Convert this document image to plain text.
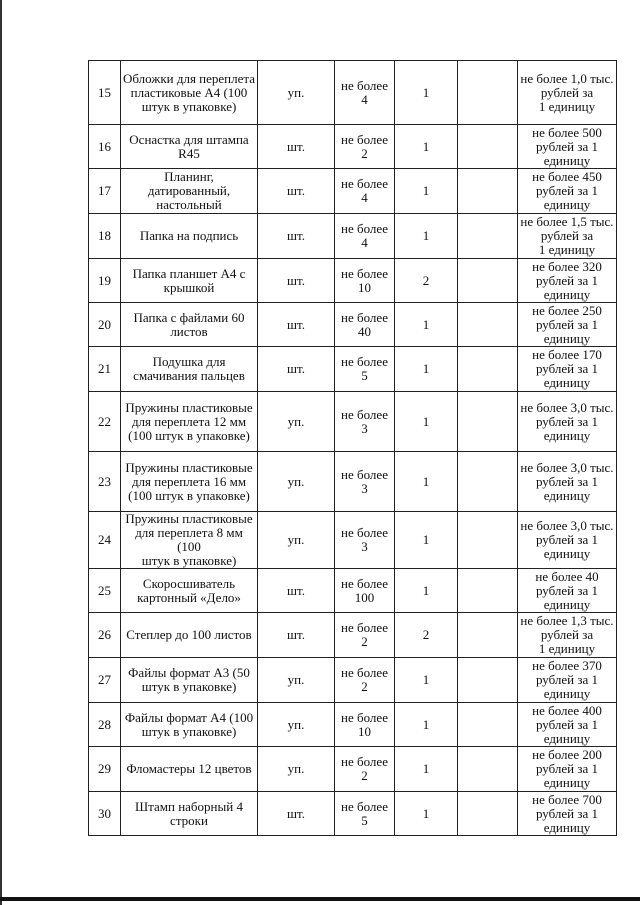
15	Обложки для переплета
пластиковые А4 (100
штук в упаковке)	уп.	не более
4	1		не более 1,0 тыс.
рублей за
1 единицу
16	Оснастка для штампа
R45	шт.	не более
2	1		не более 500
рублей за 1
единицу
17	Планинг,
датированный,
настольный	шт.	не более 4	1		не более 450
рублей за 1
единицу
18	Папка на подпись	шт.	не более
4	1		не более 1,5 тыс.
рублей за
1 единицу
19	Папка планшет А4 с
крышкой	шт.	не более
10	2		не более 320
рублей за 1
единицу
20	Папка с файлами 60
листов	шт.	не более
40	1		не более 250
рублей за 1
единицу
21	Подушка для
смачивания пальцев	шт.	не более
5	1		не более 170
рублей за 1
единицу
22	Пружины пластиковые
для переплета 12 мм
(100 штук в упаковке)	уп.	не более
3	1		не более 3,0 тыс.
рублей за 1
единицу
23	Пружины пластиковые
для переплета 16 мм
(100 штук в упаковке)	уп.	не более
3	1		не более 3,0 тыс.
рублей за 1
единицу
24	Пружины пластиковые
для переплета 8 мм (100
штук в упаковке)	уп.	не более
3	1		не более 3,0 тыс.
рублей за 1
единицу
25	Скоросшиватель
картонный «Дело»	шт.	не более
100	1		не более 40
рублей за 1
единицу
26	Степлер до 100 листов	шт.	не более
2	2		не более 1,3 тыс.
рублей за
1 единицу
27	Файлы формат А3 (50
штук в упаковке)	уп.	не более
2	1		не более 370
рублей за 1
единицу
28	Файлы формат А4 (100
штук в упаковке)	уп.	не более
10	1		не более 400
рублей за 1
единицу
29	Фломастеры 12 цветов	уп.	не более
2	1		не более 200
рублей за 1
единицу
30	Штамп наборный 4
строки	шт.	не более
5	1		не более 700
рублей за 1
единицу
